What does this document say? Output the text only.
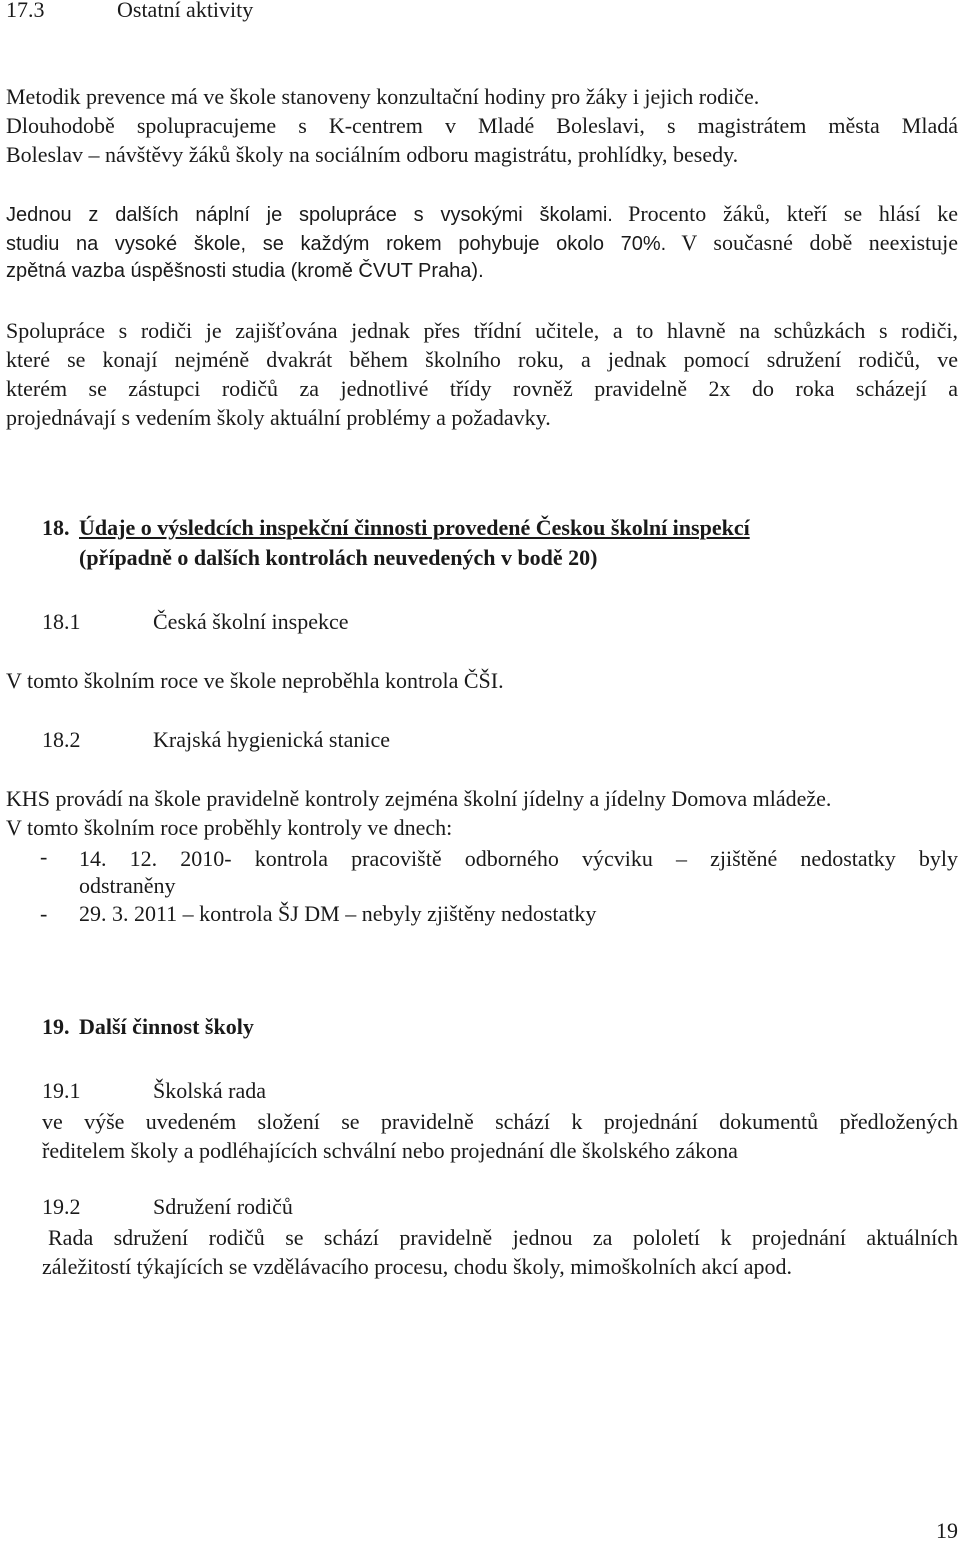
17.3	Ostatní aktivity
Metodik prevence má ve škole stanoveny konzultační hodiny pro žáky i jejich rodiče.
Dlouhodobě spolupracujeme s K-centrem v Mladé Boleslavi, s magistrátem města Mladá
Boleslav – návštěvy žáků školy na sociálním odboru magistrátu, prohlídky, besedy.
Jednou z dalších náplní je spolupráce s vysokými školami. Procento žáků, kteří se hlásí ke
studiu na vysoké škole, se každým rokem pohybuje okolo 70%. V současné době neexistuje
zpětná vazba úspěšnosti studia (kromě ČVUT Praha).
Spolupráce s rodiči je zajišťována jednak přes třídní učitele, a to hlavně na schůzkách s rodiči,
které se konají nejméně dvakrát během školního roku, a jednak pomocí sdružení rodičů, ve
kterém se zástupci rodičů za jednotlivé třídy rovněž pravidelně 2x do roka scházejí a
projednávají s vedením školy aktuální problémy a požadavky.
18. Údaje o výsledcích inspekční činnosti provedené Českou školní inspekcí
(případně o dalších kontrolách neuvedených v bodě 20)
18.1	Česká školní inspekce
V tomto školním roce ve škole neproběhla kontrola ČŠI.
18.2	Krajská hygienická stanice
KHS provádí na škole pravidelně kontroly zejména školní jídelny a jídelny Domova mládeže.
V tomto školním roce proběhly kontroly ve dnech:
- 14. 12. 2010- kontrola pracoviště odborného výcviku – zjištěné nedostatky byly
odstraněny
- 29. 3. 2011 – kontrola ŠJ DM – nebyly zjištěny nedostatky
19. Další činnost školy
19.1	Školská rada
ve výše uvedeném složení se pravidelně schází k projednání dokumentů předložených
ředitelem školy a podléhajících schvální nebo projednání dle školského zákona
19.2	Sdružení rodičů
Rada sdružení rodičů se schází pravidelně jednou za pololetí k projednání aktuálních
záležitostí týkajících se vzdělávacího procesu, chodu školy, mimoškolních akcí apod.
19
